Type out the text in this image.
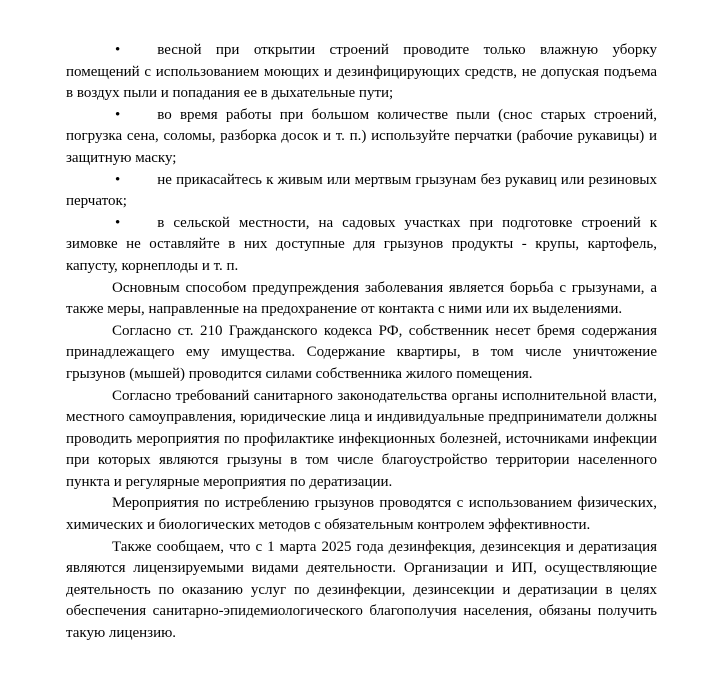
• весной при открытии строений проводите только влажную уборку помещений с использованием моющих и дезинфицирующих средств, не допуская подъема в воздух пыли и попадания ее в дыхательные пути;

• во время работы при большом количестве пыли (снос старых строений, погрузка сена, соломы, разборка досок и т. п.) используйте перчатки (рабочие рукавицы) и защитную маску;

• не прикасайтесь к живым или мертвым грызунам без рукавиц или резиновых перчаток;

• в сельской местности, на садовых участках при подготовке строений к зимовке не оставляйте в них доступные для грызунов продукты - крупы, картофель, капусту, корнеплоды и т. п.

Основным способом предупреждения заболевания является борьба с грызунами, а также меры, направленные на предохранение от контакта с ними или их выделениями.

Согласно ст. 210 Гражданского кодекса РФ, собственник несет бремя содержания принадлежащего ему имущества. Содержание квартиры, в том числе уничтожение грызунов (мышей) проводится силами собственника жилого помещения.

Согласно требований санитарного законодательства органы исполнительной власти, местного самоуправления, юридические лица и индивидуальные предприниматели должны проводить мероприятия по профилактике инфекционных болезней, источниками инфекции при которых являются грызуны в том числе благоустройство территории населенного пункта и регулярные мероприятия по дератизации.

Мероприятия по истреблению грызунов проводятся с использованием физических, химических и биологических методов с обязательным контролем эффективности.

Также сообщаем, что с 1 марта 2025 года дезинфекция, дезинсекция и дератизация являются лицензируемыми видами деятельности. Организации и ИП, осуществляющие деятельность по оказанию услуг по дезинфекции, дезинсекции и дератизации в целях обеспечения санитарно-эпидемиологического благополучия населения, обязаны получить такую лицензию.
